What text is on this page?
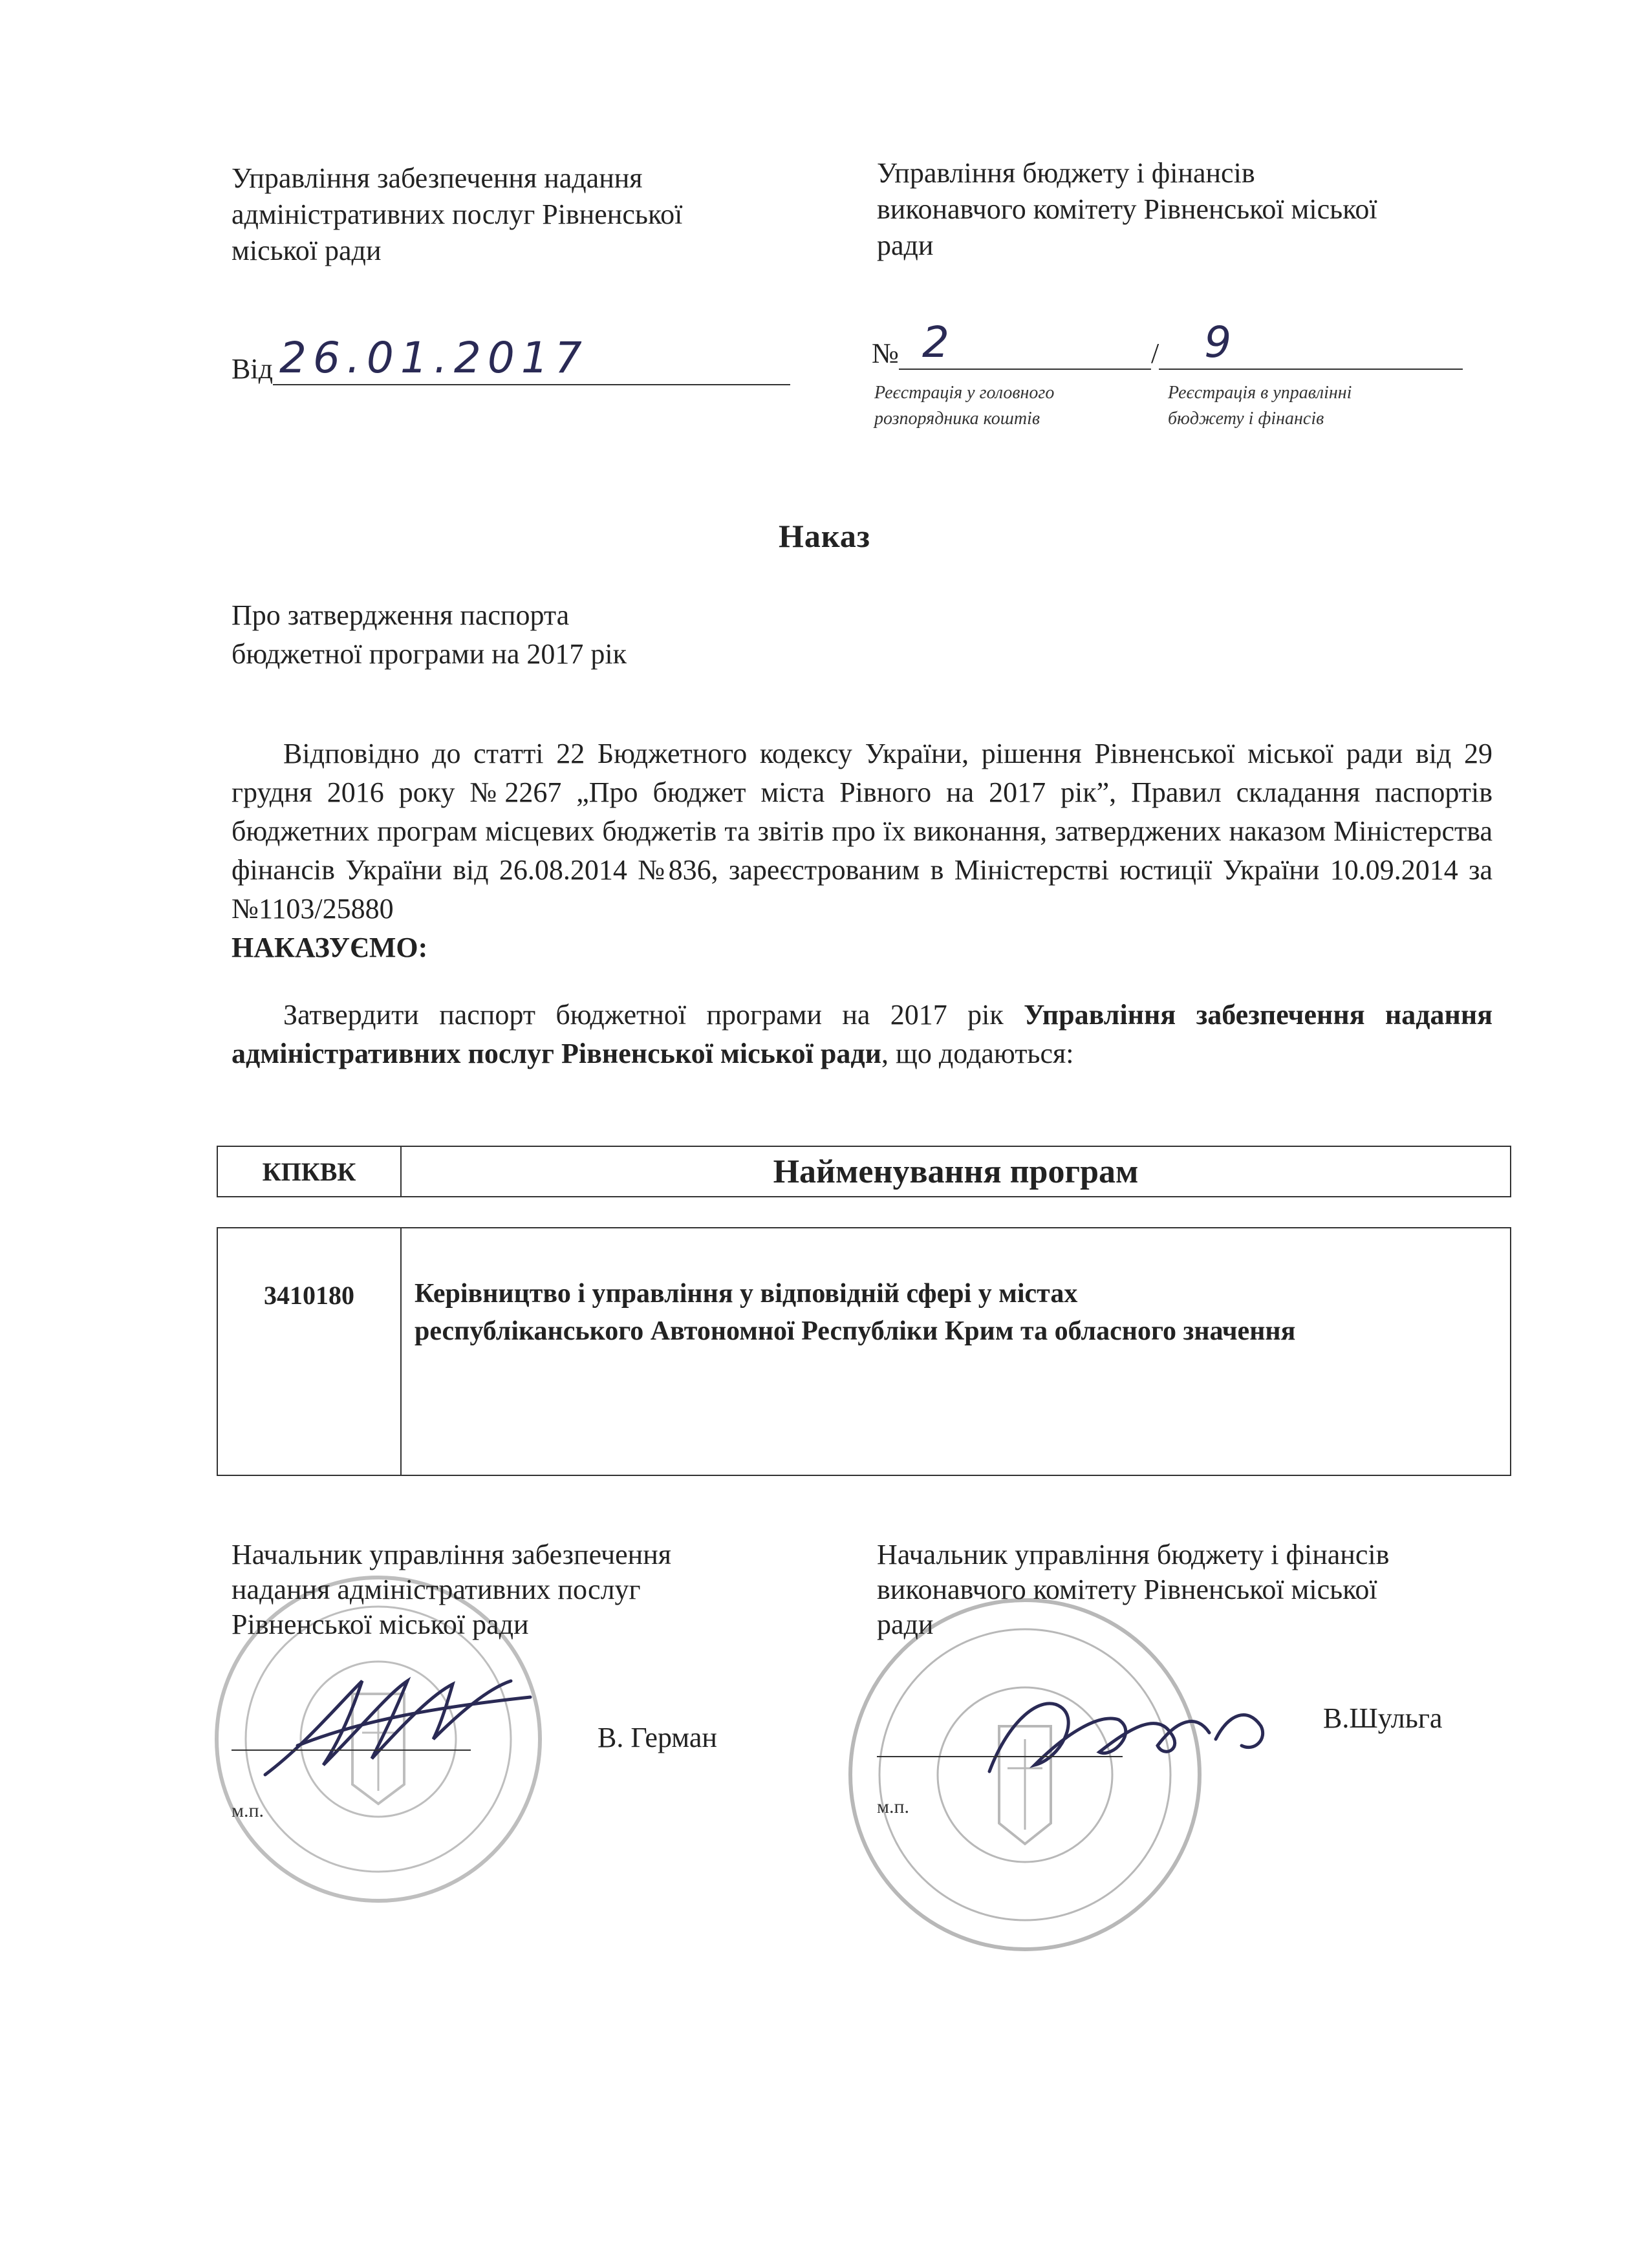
Управління забезпечення надання
адміністративних послуг Рівненської
міської ради
Управління бюджету і фінансів
виконавчого комітету Рівненської міської
ради
Від 26.01.2017	№ 2	/ 9
Реєстрація у головного
розпорядника коштів
Реєстрація в управлінні
бюджету і фінансів
Наказ
Про затвердження паспорта
бюджетної програми на 2017 рік
Відповідно до статті 22 Бюджетного кодексу України, рішення Рівненської міської ради від 29 грудня 2016 року №2267 „Про бюджет міста Рівного на 2017 рік”, Правил складання паспортів бюджетних програм місцевих бюджетів та звітів про їх виконання, затверджених наказом Міністерства фінансів України від 26.08.2014 №836, зареєстрованим в Міністерстві юстиції України 10.09.2014 за №1103/25880
НАКАЗУЄМО:
Затвердити паспорт бюджетної програми на 2017 рік Управління забезпечення надання адміністративних послуг Рівненської міської ради, що додаються:
КПКВК	Найменування програм
3410180	Керівництво і управління у відповідній сфері у містах
республіканського Автономної Республіки Крим та обласного значення
Начальник управління забезпечення
надання адміністративних послуг
Рівненської міської ради
Начальник управління бюджету і фінансів
виконавчого комітету Рівненської міської
ради
В. Герман
В.Шульга
м.п.	м.п.
